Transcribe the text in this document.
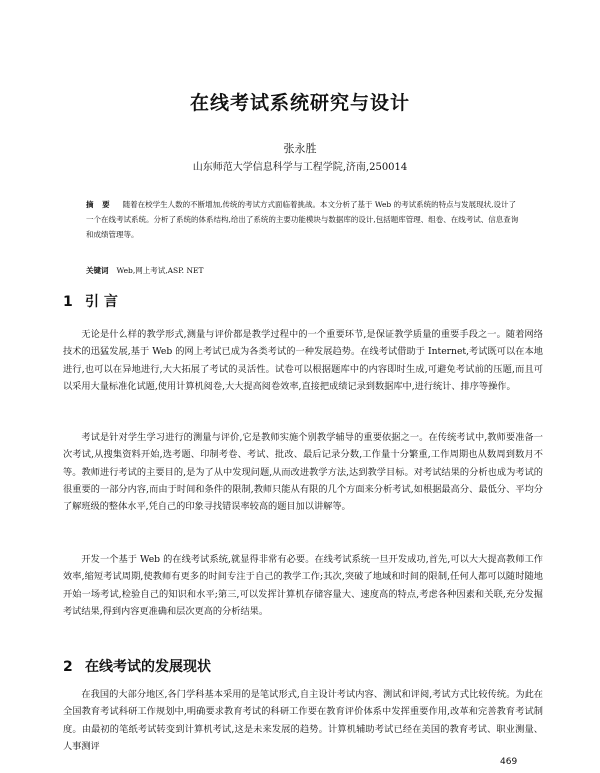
在线考试系统研究与设计
张永胜
山东师范大学信息科学与工程学院,济南,250014
摘 要 随着在校学生人数的不断增加,传统的考试方式面临着挑战。本文分析了基于 Web 的考试系统的特点与发展现状,设计了一个在线考试系统。分析了系统的体系结构,给出了系统的主要功能模块与数据库的设计,包括题库管理、组卷、在线考试、信息查询和成绩管理等。
关键词 Web,网上考试,ASP. NET
1 引 言

无论是什么样的教学形式,测量与评价都是教学过程中的一个重要环节,是保证教学质量的重要手段之一。随着网络技术的迅猛发展,基于 Web 的网上考试已成为各类考试的一种发展趋势。在线考试借助于 Internet,考试既可以在本地进行,也可以在异地进行,大大拓展了考试的灵活性。试卷可以根据题库中的内容即时生成,可避免考试前的压题,而且可以采用大量标准化试题,使用计算机阅卷,大大提高阅卷效率,直接把成绩记录到数据库中,进行统计、排序等操作。

考试是针对学生学习进行的测量与评价,它是教师实施个别教学辅导的重要依据之一。在传统考试中,教师要准备一次考试,从搜集资料开始,选考题、印制考卷、考试、批改、最后记录分数,工作量十分繁重,工作周期也从数周到数月不等。教师进行考试的主要目的,是为了从中发现问题,从而改进教学方法,达到教学目标。对考试结果的分析也成为考试的很重要的一部分内容,而由于时间和条件的限制,教师只能从有限的几个方面来分析考试,如根据最高分、最低分、平均分了解班级的整体水平,凭自己的印象寻找错误率较高的题目加以讲解等。

开发一个基于 Web 的在线考试系统,就显得非常有必要。在线考试系统一旦开发成功,首先,可以大大提高教师工作效率,缩短考试周期,使教师有更多的时间专注于自己的教学工作;其次,突破了地域和时间的限制,任何人都可以随时随地开始一场考试,检验自己的知识和水平;第三,可以发挥计算机存储容量大、速度高的特点,考虑各种因素和关联,充分发掘考试结果,得到内容更准确和层次更高的分析结果。

2 在线考试的发展现状

在我国的大部分地区,各门学科基本采用的是笔试形式,自主设计考试内容、测试和评阅,考试方式比较传统。为此在全国教育考试科研工作规划中,明确要求教育考试的科研工作要在教育评价体系中发挥重要作用,改革和完善教育考试制度。由最初的笔纸考试转变到计算机考试,这是未来发展的趋势。计算机辅助考试已经在美国的教育考试、职业测量、人事测评

469
